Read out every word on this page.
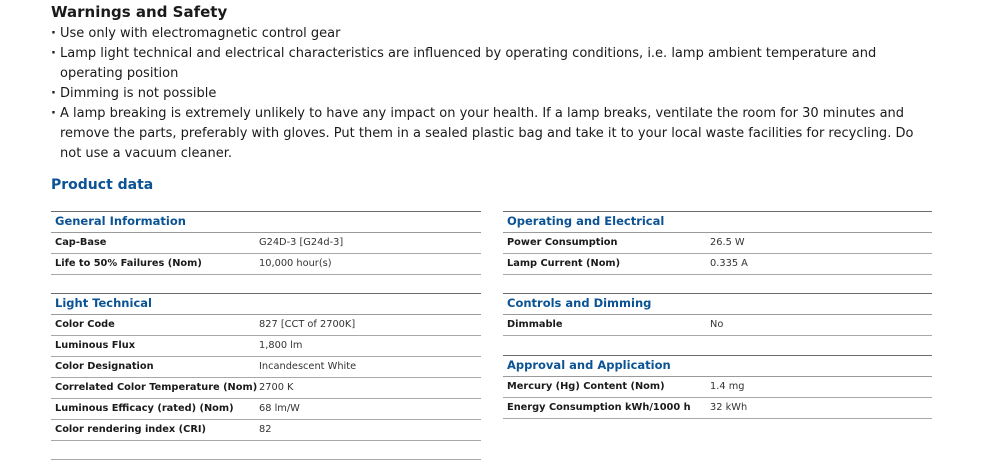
Warnings and Safety
· Use only with electromagnetic control gear
· Lamp light technical and electrical characteristics are influenced by operating conditions, i.e. lamp ambient temperature and operating position
· Dimming is not possible
· A lamp breaking is extremely unlikely to have any impact on your health. If a lamp breaks, ventilate the room for 30 minutes and remove the parts, preferably with gloves. Put them in a sealed plastic bag and take it to your local waste facilities for recycling. Do not use a vacuum cleaner.
Product data
General Information
Cap-Base	G24D-3 [G24d-3]
Life to 50% Failures (Nom)	10,000 hour(s)
Light Technical
Color Code	827 [CCT of 2700K]
Luminous Flux	1,800 lm
Color Designation	Incandescent White
Correlated Color Temperature (Nom) 2700 K
Luminous Efficacy (rated) (Nom)	68 lm/W
Color rendering index (CRI)	82
Operating and Electrical
Power Consumption	26.5 W
Lamp Current (Nom)	0.335 A
Controls and Dimming
Dimmable	No
Approval and Application
Mercury (Hg) Content (Nom)	1.4 mg
Energy Consumption kWh/1000 h 32 kWh
